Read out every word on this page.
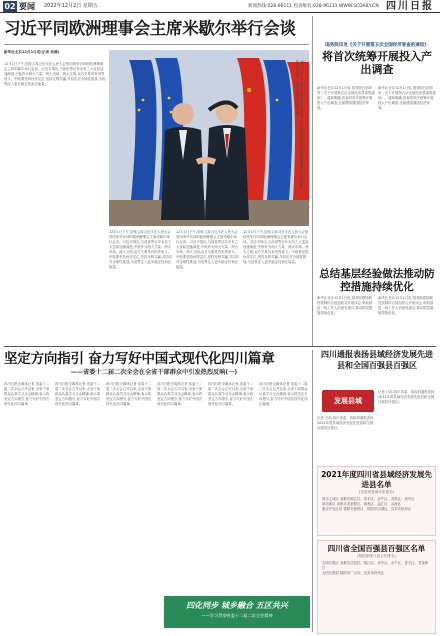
02 要闻 2022年12月2日 星期五	新闻热线:028-96111 投诉维权:028-96111 WWW.SCDAILY.CN 四川日报
习近平同欧洲理事会主席米歇尔举行会谈
新华社北京12月1日电(记者 孙楠)
12月1日下午,国家主席习近平在人民大会堂同来华访问的欧洲理事会主席米歇尔举行会谈。习近平指出,当前世界百年未有之大变局加速演进,中欧作为两大力量、两大市场、两大文明,双方关系具有世界意义。中欧要坚持伙伴定位,坚持互利共赢,共同应对全球性挑战,为世界注入更多稳定性和正能量。	12月1日下午,国家主席习近平在北京人民大会堂同来华访问的欧洲理事会主席米歇尔举行会谈。新华社记者 黄敬文 摄
12月1日下午,国家主席习近平在人民大会堂同来华访问的欧洲理事会主席米歇尔举行会谈。习近平指出,当前世界百年未有之大变局加速演进,中欧作为两大力量、两大市场、两大文明,双方关系具有世界意义。中欧要坚持伙伴定位,坚持互利共赢,共同应对全球性挑战,为世界注入更多稳定性和正能量。
12月1日下午,国家主席习近平在人民大会堂同来华访问的欧洲理事会主席米歇尔举行会谈。习近平指出,当前世界百年未有之大变局加速演进,中欧作为两大力量、两大市场、两大文明,双方关系具有世界意义。中欧要坚持伙伴定位,坚持互利共赢,共同应对全球性挑战,为世界注入更多稳定性和正能量。
12月1日下午,国家主席习近平在人民大会堂同来华访问的欧洲理事会主席米歇尔举行会谈。习近平指出,当前世界百年未有之大变局加速演进,中欧作为两大力量、两大市场、两大文明,双方关系具有世界意义。中欧要坚持伙伴定位,坚持互利共赢,共同应对全球性挑战,为世界注入更多稳定性和正能量。
国务院印发《关于开展第五次全国经济普查的通知》
将首次统筹开展投入产出调查
新华社北京12月1日电 国务院日前印发《关于开展第五次全国经济普查的通知》。通知明确,普查将首次统筹开展投入产出调查,全面摸清我国经济家底。
新华社北京12月1日电 国务院日前印发《关于开展第五次全国经济普查的通知》。通知明确,普查将首次统筹开展投入产出调查,全面摸清我国经济家底。
总结基层经验做法推动防控措施持续优化
新华社北京12月1日电 国务院联防联控机制综合组组织召开座谈会,听取基层一线工作人员意见建议,推动防控措施持续优化。
新华社北京12月1日电 国务院联防联控机制综合组组织召开座谈会,听取基层一线工作人员意见建议,推动防控措施持续优化。
坚定方向指引 奋力写好中国式现代化四川篇章
——省委十二届二次全会在全省干部群众中引发热烈反响(一)
四川日报全媒体记者 省委十二届二次全会召开以来,全省干部群众认真学习全会精神,表示将坚定方向指引,奋力写好中国式现代化四川篇章。
四川日报全媒体记者 省委十二届二次全会召开以来,全省干部群众认真学习全会精神,表示将坚定方向指引,奋力写好中国式现代化四川篇章。
四川日报全媒体记者 省委十二届二次全会召开以来,全省干部群众认真学习全会精神,表示将坚定方向指引,奋力写好中国式现代化四川篇章。
四川日报全媒体记者 省委十二届二次全会召开以来,全省干部群众认真学习全会精神,表示将坚定方向指引,奋力写好中国式现代化四川篇章。
四川日报全媒体记者 省委十二届二次全会召开以来,全省干部群众认真学习全会精神,表示将坚定方向指引,奋力写好中国式现代化四川篇章。
四川日报全媒体记者 省委十二届二次全会召开以来,全省干部群众认真学习全会精神,表示将坚定方向指引,奋力写好中国式现代化四川篇章。
四化同步 城乡融合 五区共兴
——学习贯彻省委十二届二次全会精神
四川通报表扬县域经济发展先进县和全国百强县百强区
发展县域
记者 日前,四川省委、省政府通报表扬2021年度县域经济发展先进县和全国百强县百强区。
记者 日前,四川省委、省政府通报表扬2021年度县域经济发展先进县和全国百强县百强区。
2021年度四川省县域经济发展先进县名单
(各类别县域分类排名)
城市主城区 成都市锦江区、青羊区、金牛区、武侯区、成华区
城市新区 成都市龙泉驿区、新都区、温江区、双流区
重点开发区县 德阳市旌阳区、绵阳市涪城区、宜宾市叙州区
四川省全国百强县百强区名单
(按国家统计局公布排名)
全国百强区 成都市武侯区、锦江区、成华区、金牛区、青羊区、龙泉驿区
全国百强县 德阳市广汉市、宜宾市叙州区
